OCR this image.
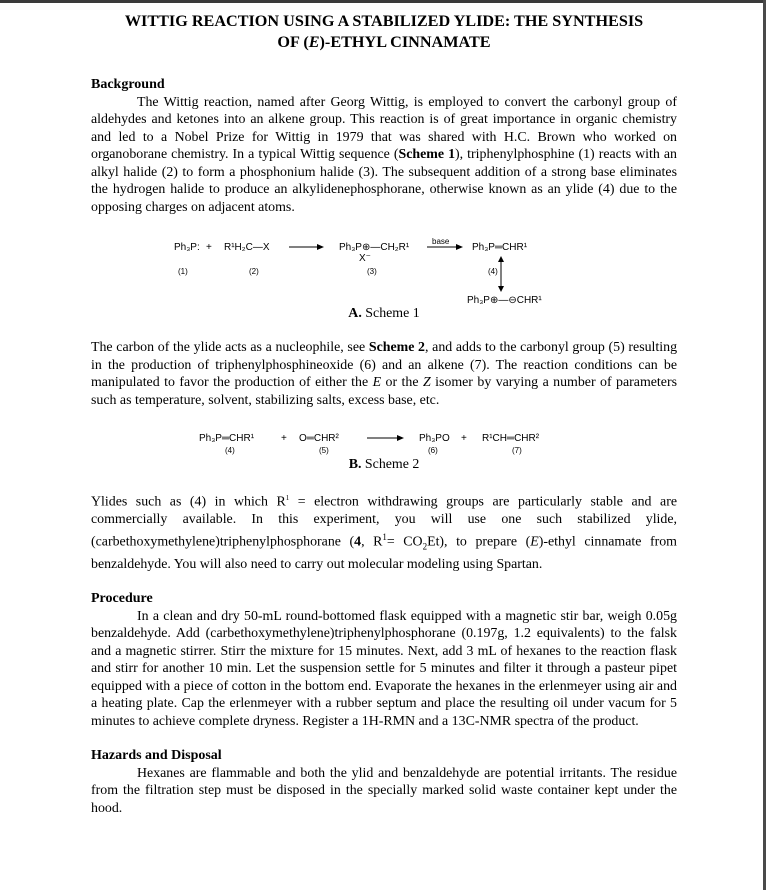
WITTIG REACTION USING A STABILIZED YLIDE: THE SYNTHESIS
OF (E)-ETHYL CINNAMATE
Background

The Wittig reaction, named after Georg Wittig, is employed to convert the carbonyl group of aldehydes and ketones into an alkene group. This reaction is of great importance in organic chemistry and led to a Nobel Prize for Wittig in 1979 that was shared with H.C. Brown who worked on organoborane chemistry. In a typical Wittig sequence (Scheme 1), triphenylphosphine (1) reacts with an alkyl halide (2) to form a phosphonium halide (3). The subsequent addition of a strong base eliminates the hydrogen halide to produce an alkylidenephosphorane, otherwise known as an ylide (4) due to the opposing charges on adjacent atoms.

Ph₃P: + R¹H₂C—X	Ph₃P⊕—CH₂R¹
X⁻
base
Ph₃P═CHR¹
(1)	(2)	(3)	(4)
Ph₃P⊕—⊖CHR¹
A. Scheme 1

The carbon of the ylide acts as a nucleophile, see Scheme 2, and adds to the carbonyl group (5) resulting in the production of triphenylphosphineoxide (6) and an alkene (7). The reaction conditions can be manipulated to favor the production of either the E or the Z isomer by varying a number of parameters such as temperature, solvent, stabilizing salts, excess base, etc.

Ph₃P═CHR¹	+ O═CHR²	Ph₃PO + R¹CH═CHR²
(4)	(5)	(6)	(7)
B. Scheme 2

Ylides such as (4) in which $R^1$ = electron withdrawing groups are particularly stable and are commercially available. In this experiment, you will use one such stabilized ylide, (carbethoxymethylene)triphenylphosphorane (4, $R^1= CO_2Et$), to prepare (E)-ethyl cinnamate from benzaldehyde. You will also need to carry out molecular modeling using Spartan.

Procedure

In a clean and dry 50-mL round-bottomed flask equipped with a magnetic stir bar, weigh 0.05g benzaldehyde. Add (carbethoxymethylene)triphenylphosphorane (0.197g, 1.2 equivalents) to the falsk and a magnetic stirrer. Stirr the mixture for 15 minutes. Next, add 3 mL of hexanes to the reaction flask and stirr for another 10 min. Let the suspension settle for 5 minutes and filter it through a pasteur pipet equipped with a piece of cotton in the bottom end. Evaporate the hexanes in the erlenmeyer using air and a heating plate. Cap the erlenmeyer with a rubber septum and place the resulting oil under vacum for 5 minutes to achieve complete dryness. Register a 1H-RMN and a 13C-NMR spectra of the product.

Hazards and Disposal

Hexanes are flammable and both the ylid and benzaldehyde are potential irritants. The residue from the filtration step must be disposed in the specially marked solid waste container kept under the hood.
